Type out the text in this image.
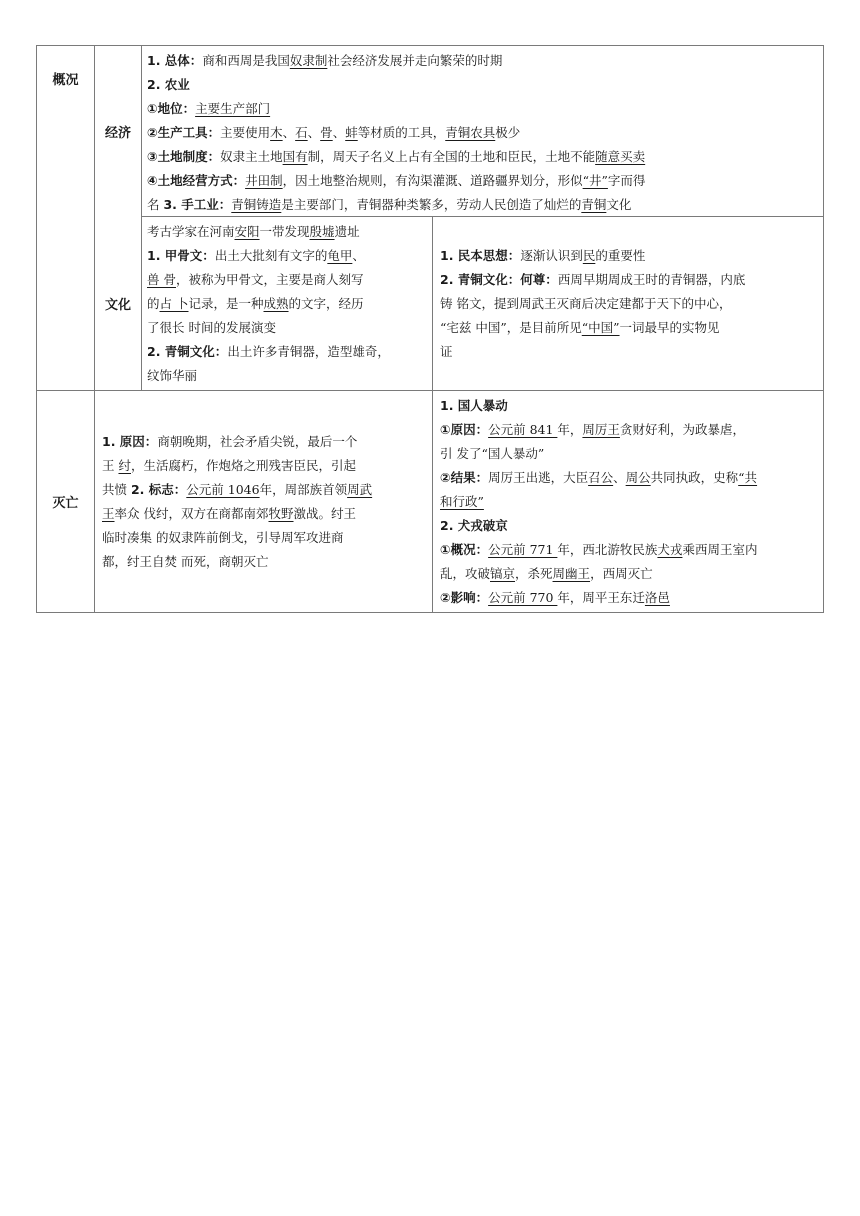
概况
经济
文化
灭亡

1. 总体：商和西周是我国奴隶制社会经济发展并走向繁荣的时期

2. 农业

①地位：主要生产部门

②生产工具：主要使用木、石、骨、蚌等材质的工具，青铜农具极少

③土地制度：奴隶主土地国有制，周天子名义上占有全国的土地和臣民，土地不能随意买卖

④土地经营方式：井田制，因土地整治规则，有沟渠灌溉、道路疆界划分，形似“井”字而得

名 3. 手工业：青铜铸造是主要部门，青铜器种类繁多，劳动人民创造了灿烂的青铜文化

考古学家在河南安阳一带发现殷墟遗址

1. 甲骨文：出土大批刻有文字的龟甲、

兽 骨，被称为甲骨文，主要是商人刻写

的占 卜记录，是一种成熟的文字，经历

了很长 时间的发展演变

2. 青铜文化：出土许多青铜器，造型雄奇，

纹饰华丽

1. 民本思想：逐渐认识到民的重要性

2. 青铜文化：何尊：西周早期周成王时的青铜器，内底

铸 铭文，提到周武王灭商后决定建都于天下的中心，

“宅兹 中国”，是目前所见“中国”一词最早的实物见

证

1. 原因：商朝晚期，社会矛盾尖锐，最后一个

王 纣，生活腐朽，作炮烙之刑残害臣民，引起

共愤 2. 标志：公元前 1046年，周部族首领周武

王率众 伐纣，双方在商都南郊牧野激战。纣王

临时凑集 的奴隶阵前倒戈，引导周军攻进商

都，纣王自焚 而死，商朝灭亡

1. 国人暴动

①原因：公元前 841 年，周厉王贪财好利，为政暴虐，

引 发了“国人暴动”

②结果：周厉王出逃，大臣召公、周公共同执政，史称“共

和行政”

2. 犬戎破京

①概况：公元前 771 年，西北游牧民族犬戎乘西周王室内

乱，攻破镐京，杀死周幽王，西周灭亡

②影响：公元前 770 年，周平王东迁洛邑
